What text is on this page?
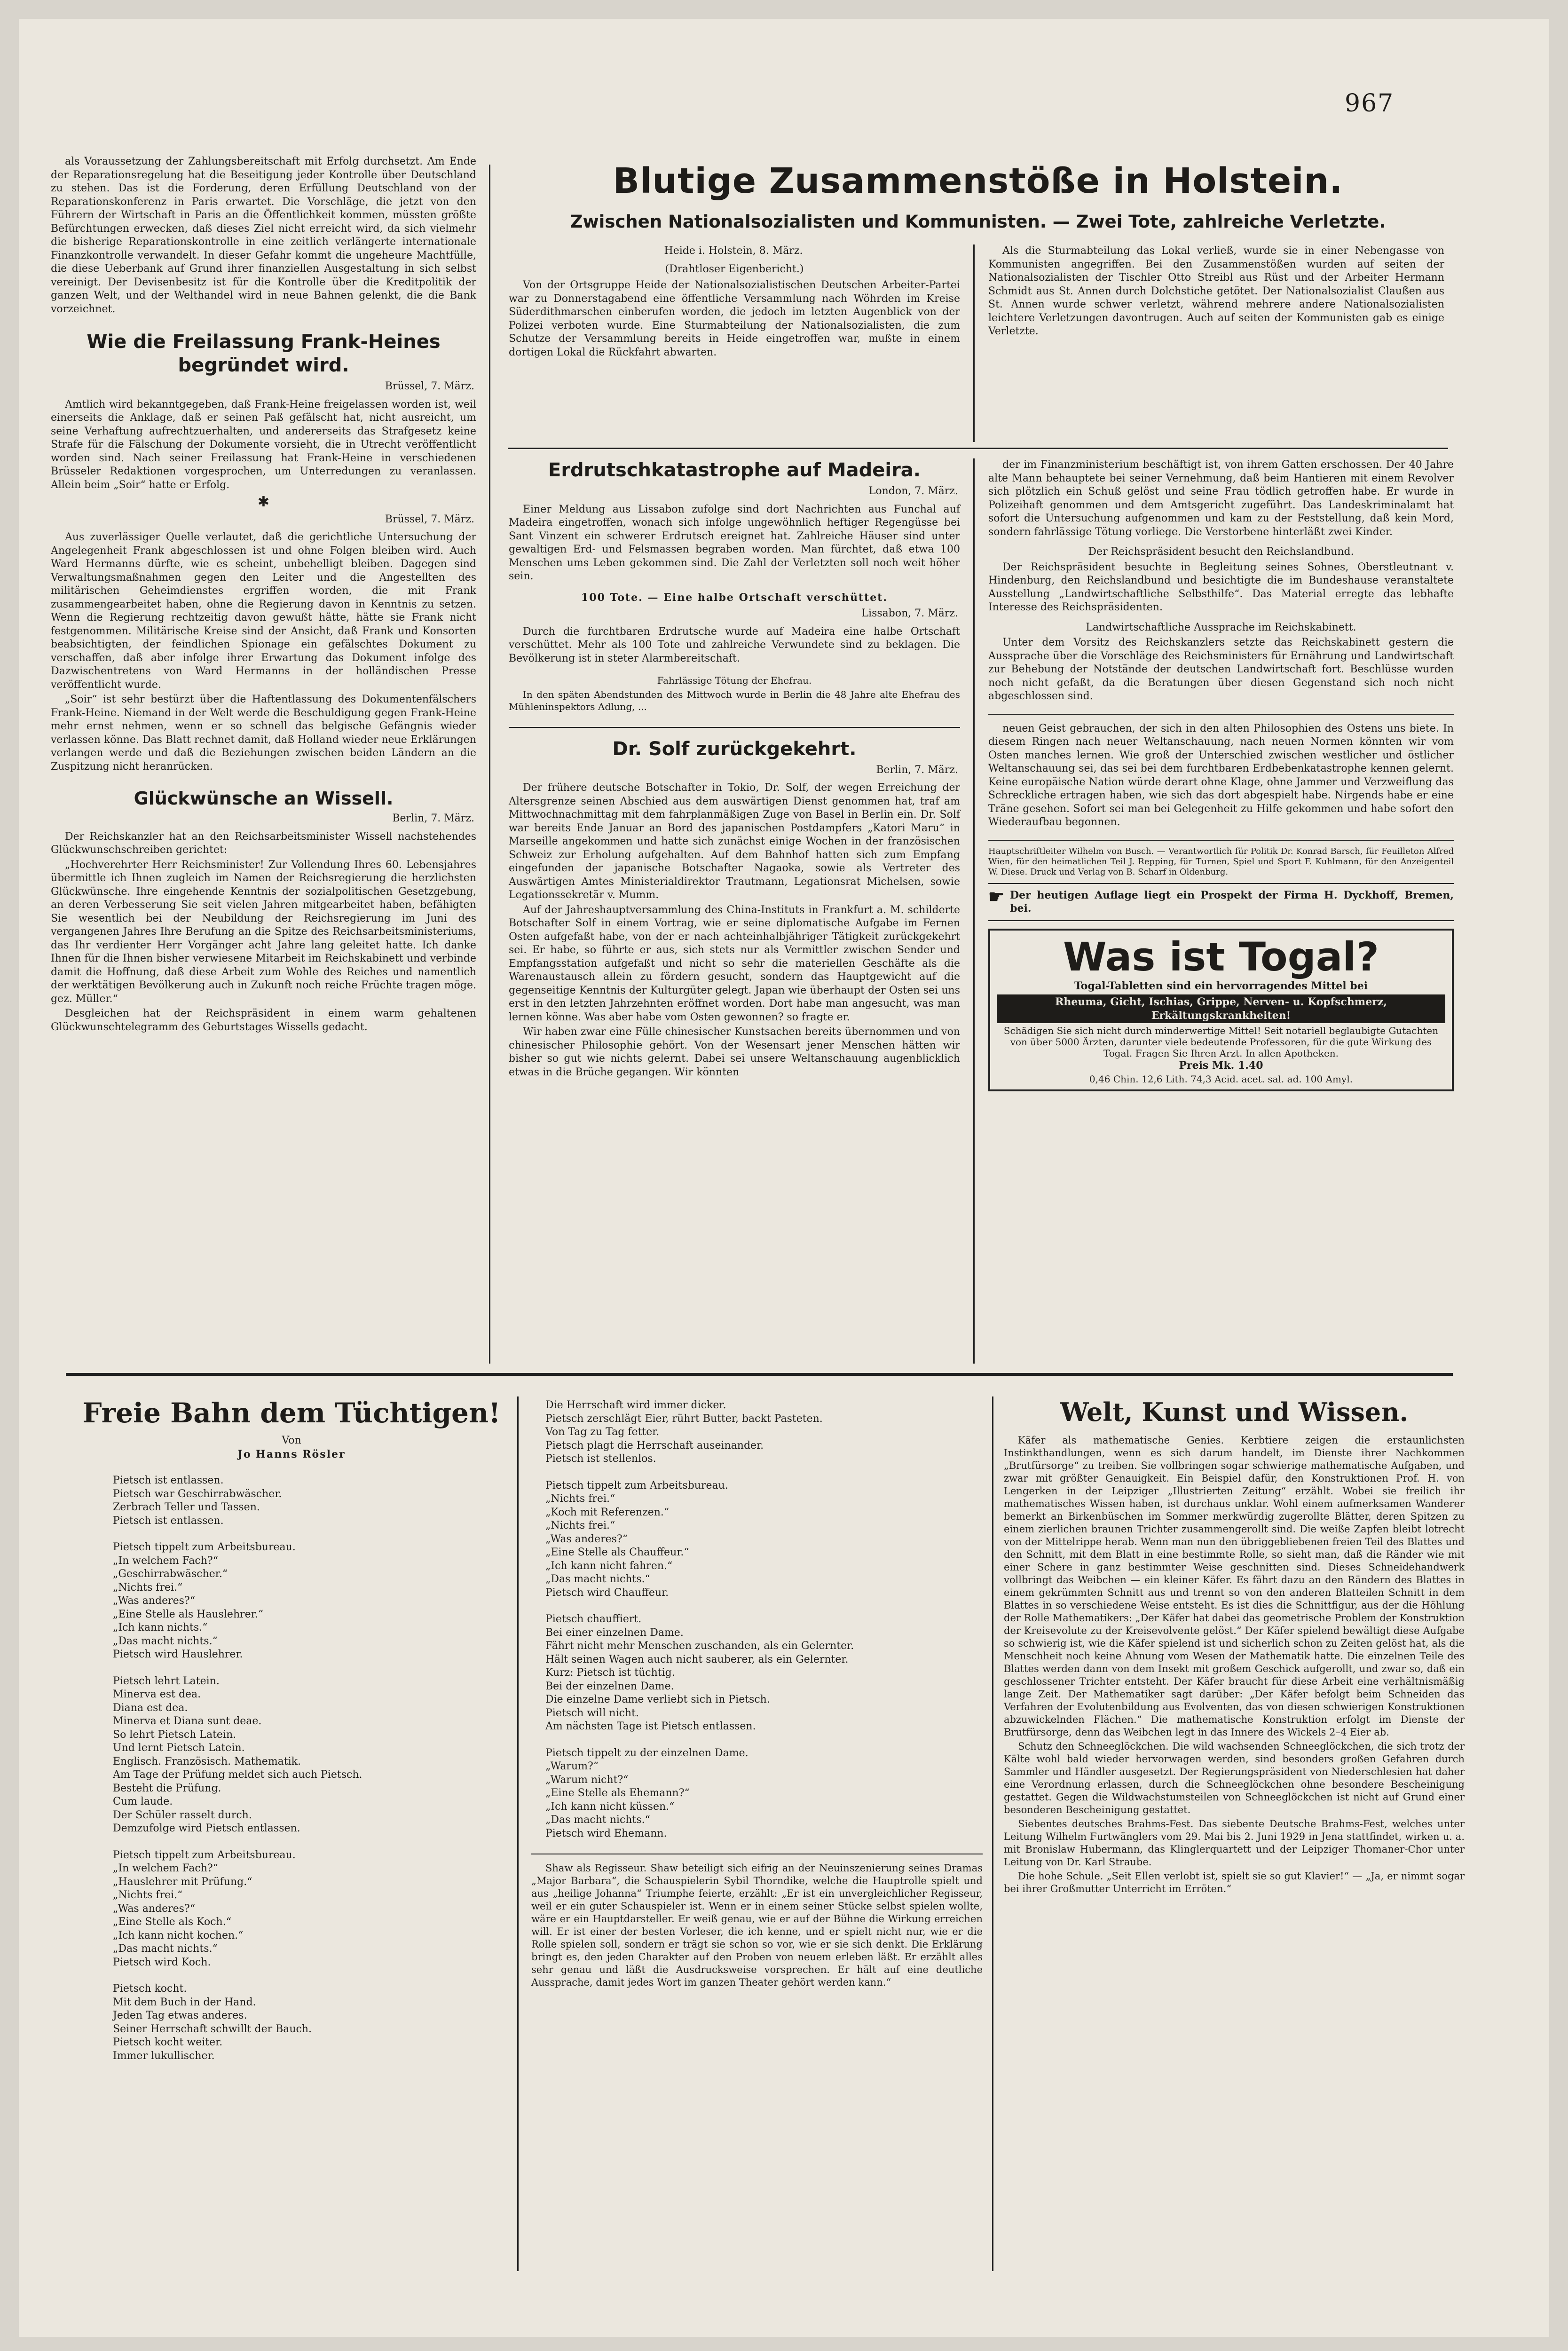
967

als Voraussetzung der Zahlungsbereitschaft mit Erfolg durchsetzt. Am Ende der Reparationsregelung hat die Beseitigung jeder Kontrolle über Deutschland zu stehen. Das ist die Forderung, deren Erfüllung Deutschland von der Reparationskonferenz in Paris erwartet. Die Vorschläge, die jetzt von den Führern der Wirtschaft in Paris an die Öffentlichkeit kommen, müssten größte Befürchtungen erwecken, daß dieses Ziel nicht erreicht wird, da sich vielmehr die bisherige Reparationskontrolle in eine zeitlich verlängerte internationale Finanzkontrolle verwandelt. In dieser Gefahr kommt die ungeheure Machtfülle, die diese Ueberbank auf Grund ihrer finanziellen Ausgestaltung in sich selbst vereinigt. Der Devisenbesitz ist für die Kontrolle über die Kreditpolitik der ganzen Welt, und der Welthandel wird in neue Bahnen gelenkt, die die Bank vorzeichnet.

Wie die Freilassung Frank-Heines begründet wird.
Brüssel, 7. März.

Amtlich wird bekanntgegeben, daß Frank-Heine freigelassen worden ist, weil einerseits die Anklage, daß er seinen Paß gefälscht hat, nicht ausreicht, um seine Verhaftung aufrechtzuerhalten, und andererseits das Strafgesetz keine Strafe für die Fälschung der Dokumente vorsieht, die in Utrecht veröffentlicht worden sind. Nach seiner Freilassung hat Frank-Heine in verschiedenen Brüsseler Redaktionen vorgesprochen, um Unterredungen zu veranlassen. Allein beim „Soir“ hatte er Erfolg.

✱
Brüssel, 7. März.

Aus zuverlässiger Quelle verlautet, daß die gerichtliche Untersuchung der Angelegenheit Frank abgeschlossen ist und ohne Folgen bleiben wird. Auch Ward Hermanns dürfte, wie es scheint, unbehelligt bleiben. Dagegen sind Verwaltungsmaßnahmen gegen den Leiter und die Angestellten des militärischen Geheimdienstes ergriffen worden, die mit Frank zusammengearbeitet haben, ohne die Regierung davon in Kenntnis zu setzen. Wenn die Regierung rechtzeitig davon gewußt hätte, hätte sie Frank nicht festgenommen. Militärische Kreise sind der Ansicht, daß Frank und Konsorten beabsichtigten, der feindlichen Spionage ein gefälschtes Dokument zu verschaffen, daß aber infolge ihrer Erwartung das Dokument infolge des Dazwischentretens von Ward Hermanns in der holländischen Presse veröffentlicht wurde.

„Soir“ ist sehr bestürzt über die Haftentlassung des Dokumentenfälschers Frank-Heine. Niemand in der Welt werde die Beschuldigung gegen Frank-Heine mehr ernst nehmen, wenn er so schnell das belgische Gefängnis wieder verlassen könne. Das Blatt rechnet damit, daß Holland wieder neue Erklärungen verlangen werde und daß die Beziehungen zwischen beiden Ländern an die Zuspitzung nicht heranrücken.

Glückwünsche an Wissell.
Berlin, 7. März.

Der Reichskanzler hat an den Reichsarbeitsminister Wissell nachstehendes Glückwunschschreiben gerichtet:

„Hochverehrter Herr Reichsminister! Zur Vollendung Ihres 60. Lebensjahres übermittle ich Ihnen zugleich im Namen der Reichsregierung die herzlichsten Glückwünsche. Ihre eingehende Kenntnis der sozialpolitischen Gesetzgebung, an deren Verbesserung Sie seit vielen Jahren mitgearbeitet haben, befähigten Sie wesentlich bei der Neubildung der Reichsregierung im Juni des vergangenen Jahres Ihre Berufung an die Spitze des Reichsarbeitsministeriums, das Ihr verdienter Herr Vorgänger acht Jahre lang geleitet hatte. Ich danke Ihnen für die Ihnen bisher verwiesene Mitarbeit im Reichskabinett und verbinde damit die Hoffnung, daß diese Arbeit zum Wohle des Reiches und namentlich der werktätigen Bevölkerung auch in Zukunft noch reiche Früchte tragen möge. gez. Müller.“

Desgleichen hat der Reichspräsident in einem warm gehaltenen Glückwunschtelegramm des Geburtstages Wissells gedacht.

Blutige Zusammenstöße in Holstein.
Zwischen Nationalsozialisten und Kommunisten. — Zwei Tote, zahlreiche Verletzte.
Heide i. Holstein, 8. März.
(Drahtloser Eigenbericht.)

Von der Ortsgruppe Heide der Nationalsozialistischen Deutschen Arbeiter-Partei war zu Donnerstagabend eine öffentliche Versammlung nach Wöhrden im Kreise Süderdithmarschen einberufen worden, die jedoch im letzten Augenblick von der Polizei verboten wurde. Eine Sturmabteilung der Nationalsozialisten, die zum Schutze der Versammlung bereits in Heide eingetroffen war, mußte in einem dortigen Lokal die Rückfahrt abwarten.

Als die Sturmabteilung das Lokal verließ, wurde sie in einer Nebengasse von Kommunisten angegriffen. Bei den Zusammenstößen wurden auf seiten der Nationalsozialisten der Tischler Otto Streibl aus Rüst und der Arbeiter Hermann Schmidt aus St. Annen durch Dolchstiche getötet. Der Nationalsozialist Claußen aus St. Annen wurde schwer verletzt, während mehrere andere Nationalsozialisten leichtere Verletzungen davontrugen. Auch auf seiten der Kommunisten gab es einige Verletzte.

Erdrutschkatastrophe auf Madeira.
London, 7. März.

Einer Meldung aus Lissabon zufolge sind dort Nachrichten aus Funchal auf Madeira eingetroffen, wonach sich infolge ungewöhnlich heftiger Regengüsse bei Sant Vinzent ein schwerer Erdrutsch ereignet hat. Zahlreiche Häuser sind unter gewaltigen Erd- und Felsmassen begraben worden. Man fürchtet, daß etwa 100 Menschen ums Leben gekommen sind. Die Zahl der Verletzten soll noch weit höher sein.

100 Tote. — Eine halbe Ortschaft verschüttet.
Lissabon, 7. März.

Durch die furchtbaren Erdrutsche wurde auf Madeira eine halbe Ortschaft verschüttet. Mehr als 100 Tote und zahlreiche Verwundete sind zu beklagen. Die Bevölkerung ist in steter Alarmbereitschaft.

Fahrlässige Tötung der Ehefrau.

In den späten Abendstunden des Mittwoch wurde in Berlin die 48 Jahre alte Ehefrau des Mühleninspektors Adlung, ...

Dr. Solf zurückgekehrt.
Berlin, 7. März.

Der frühere deutsche Botschafter in Tokio, Dr. Solf, der wegen Erreichung der Altersgrenze seinen Abschied aus dem auswärtigen Dienst genommen hat, traf am Mittwochnachmittag mit dem fahrplanmäßigen Zuge von Basel in Berlin ein. Dr. Solf war bereits Ende Januar an Bord des japanischen Postdampfers „Katori Maru“ in Marseille angekommen und hatte sich zunächst einige Wochen in der französischen Schweiz zur Erholung aufgehalten. Auf dem Bahnhof hatten sich zum Empfang eingefunden der japanische Botschafter Nagaoka, sowie als Vertreter des Auswärtigen Amtes Ministerialdirektor Trautmann, Legationsrat Michelsen, sowie Legationssekretär v. Mumm.

Auf der Jahreshauptversammlung des China-Instituts in Frankfurt a. M. schilderte Botschafter Solf in einem Vortrag, wie er seine diplomatische Aufgabe im Fernen Osten aufgefaßt habe, von der er nach achteinhalbjähriger Tätigkeit zurückgekehrt sei. Er habe, so führte er aus, sich stets nur als Vermittler zwischen Sender und Empfangsstation aufgefaßt und nicht so sehr die materiellen Geschäfte als die Warenaustausch allein zu fördern gesucht, sondern das Hauptgewicht auf die gegenseitige Kenntnis der Kulturgüter gelegt. Japan wie überhaupt der Osten sei uns erst in den letzten Jahrzehnten eröffnet worden. Dort habe man angesucht, was man lernen könne. Was aber habe vom Osten gewonnen? so fragte er.

Wir haben zwar eine Fülle chinesischer Kunstsachen bereits übernommen und von chinesischer Philosophie gehört. Von der Wesensart jener Menschen hätten wir bisher so gut wie nichts gelernt. Dabei sei unsere Weltanschauung augenblicklich etwas in die Brüche gegangen. Wir könnten

der im Finanzministerium beschäftigt ist, von ihrem Gatten erschossen. Der 40 Jahre alte Mann behauptete bei seiner Vernehmung, daß beim Hantieren mit einem Revolver sich plötzlich ein Schuß gelöst und seine Frau tödlich getroffen habe. Er wurde in Polizeihaft genommen und dem Amtsgericht zugeführt. Das Landeskriminalamt hat sofort die Untersuchung aufgenommen und kam zu der Feststellung, daß kein Mord, sondern fahrlässige Tötung vorliege. Die Verstorbene hinterläßt zwei Kinder.

Der Reichspräsident besucht den Reichslandbund.

Der Reichspräsident besuchte in Begleitung seines Sohnes, Oberstleutnant v. Hindenburg, den Reichslandbund und besichtigte die im Bundeshause veranstaltete Ausstellung „Landwirtschaftliche Selbsthilfe“. Das Material erregte das lebhafte Interesse des Reichspräsidenten.

Landwirtschaftliche Aussprache im Reichskabinett.

Unter dem Vorsitz des Reichskanzlers setzte das Reichskabinett gestern die Aussprache über die Vorschläge des Reichsministers für Ernährung und Landwirtschaft zur Behebung der Notstände der deutschen Landwirtschaft fort. Beschlüsse wurden noch nicht gefaßt, da die Beratungen über diesen Gegenstand sich noch nicht abgeschlossen sind.

neuen Geist gebrauchen, der sich in den alten Philosophien des Ostens uns biete. In diesem Ringen nach neuer Weltanschauung, nach neuen Normen könnten wir vom Osten manches lernen. Wie groß der Unterschied zwischen westlicher und östlicher Weltanschauung sei, das sei bei dem furchtbaren Erdbebenkatastrophe kennen gelernt. Keine europäische Nation würde derart ohne Klage, ohne Jammer und Verzweiflung das Schreckliche ertragen haben, wie sich das dort abgespielt habe. Nirgends habe er eine Träne gesehen. Sofort sei man bei Gelegenheit zu Hilfe gekommen und habe sofort den Wiederaufbau begonnen.

Hauptschriftleiter Wilhelm von Busch. — Verantwortlich für Politik Dr. Konrad Barsch, für Feuilleton Alfred Wien, für den heimatlichen Teil J. Repping, für Turnen, Spiel und Sport F. Kuhlmann, für den Anzeigenteil W. Diese. Druck und Verlag von B. Scharf in Oldenburg.

☛ Der heutigen Auflage liegt ein Prospekt der Firma H. Dyckhoff, Bremen, bei.
Was ist Togal?
Togal-Tabletten sind ein hervorragendes Mittel bei
Rheuma, Gicht, Ischias, Grippe, Nerven- u. Kopfschmerz, Erkältungskrankheiten!
Schädigen Sie sich nicht durch minderwertige Mittel! Seit notariell beglaubigte Gutachten von über 5000 Ärzten, darunter viele bedeutende Professoren, für die gute Wirkung des Togal. Fragen Sie Ihren Arzt. In allen Apotheken.
Preis Mk. 1.40
0,46 Chin. 12,6 Lith. 74,3 Acid. acet. sal. ad. 100 Amyl.
Freie Bahn dem Tüchtigen!
Von
Jo Hanns Rösler

Pietsch ist entlassen.
Pietsch war Geschirrabwäscher.
Zerbrach Teller und Tassen.
Pietsch ist entlassen.

Pietsch tippelt zum Arbeitsbureau.
„In welchem Fach?“
„Geschirrabwäscher.“
„Nichts frei.“
„Was anderes?“
„Eine Stelle als Hauslehrer.“
„Ich kann nichts.“
„Das macht nichts.“
Pietsch wird Hauslehrer.

Pietsch lehrt Latein.
Minerva est dea.
Diana est dea.
Minerva et Diana sunt deae.
So lehrt Pietsch Latein.
Und lernt Pietsch Latein.
Englisch. Französisch. Mathematik.
Am Tage der Prüfung meldet sich auch Pietsch.
Besteht die Prüfung.
Cum laude.
Der Schüler rasselt durch.
Demzufolge wird Pietsch entlassen.

Pietsch tippelt zum Arbeitsbureau.
„In welchem Fach?“
„Hauslehrer mit Prüfung.“
„Nichts frei.“
„Was anderes?“
„Eine Stelle als Koch.“
„Ich kann nicht kochen.“
„Das macht nichts.“
Pietsch wird Koch.

Pietsch kocht.
Mit dem Buch in der Hand.
Jeden Tag etwas anderes.
Seiner Herrschaft schwillt der Bauch.
Pietsch kocht weiter.
Immer lukullischer.

Die Herrschaft wird immer dicker.
Pietsch zerschlägt Eier, rührt Butter, backt Pasteten.
Von Tag zu Tag fetter.
Pietsch plagt die Herrschaft auseinander.
Pietsch ist stellenlos.

Pietsch tippelt zum Arbeitsbureau.
„Nichts frei.“
„Koch mit Referenzen.“
„Nichts frei.“
„Was anderes?“
„Eine Stelle als Chauffeur.“
„Ich kann nicht fahren.“
„Das macht nichts.“
Pietsch wird Chauffeur.

Pietsch chauffiert.
Bei einer einzelnen Dame.
Fährt nicht mehr Menschen zuschanden, als ein Gelernter.
Hält seinen Wagen auch nicht sauberer, als ein Gelernter.
Kurz: Pietsch ist tüchtig.
Bei der einzelnen Dame.
Die einzelne Dame verliebt sich in Pietsch.
Pietsch will nicht.
Am nächsten Tage ist Pietsch entlassen.

Pietsch tippelt zu der einzelnen Dame.
„Warum?“
„Warum nicht?“
„Eine Stelle als Ehemann?“
„Ich kann nicht küssen.“
„Das macht nichts.“
Pietsch wird Ehemann.

Shaw als Regisseur. Shaw beteiligt sich eifrig an der Neuinszenierung seines Dramas „Major Barbara“, die Schauspielerin Sybil Thorndike, welche die Hauptrolle spielt und aus „heilige Johanna“ Triumphe feierte, erzählt: „Er ist ein unvergleichlicher Regisseur, weil er ein guter Schauspieler ist. Wenn er in einem seiner Stücke selbst spielen wollte, wäre er ein Hauptdarsteller. Er weiß genau, wie er auf der Bühne die Wirkung erreichen will. Er ist einer der besten Vorleser, die ich kenne, und er spielt nicht nur, wie er die Rolle spielen soll, sondern er trägt sie schon so vor, wie er sie sich denkt. Die Erklärung bringt es, den jeden Charakter auf den Proben von neuem erleben läßt. Er erzählt alles sehr genau und läßt die Ausdrucksweise vorsprechen. Er hält auf eine deutliche Aussprache, damit jedes Wort im ganzen Theater gehört werden kann.“

Welt, Kunst und Wissen.

Käfer als mathematische Genies. Kerbtiere zeigen die erstaunlichsten Instinkthandlungen, wenn es sich darum handelt, im Dienste ihrer Nachkommen „Brutfürsorge“ zu treiben. Sie vollbringen sogar schwierige mathematische Aufgaben, und zwar mit größter Genauigkeit. Ein Beispiel dafür, den Konstruktionen Prof. H. von Lengerken in der Leipziger „Illustrierten Zeitung“ erzählt. Wobei sie freilich ihr mathematisches Wissen haben, ist durchaus unklar. Wohl einem aufmerksamen Wanderer bemerkt an Birkenbüschen im Sommer merkwürdig zugerollte Blätter, deren Spitzen zu einem zierlichen braunen Trichter zusammengerollt sind. Die weiße Zapfen bleibt lotrecht von der Mittelrippe herab. Wenn man nun den übriggebliebenen freien Teil des Blattes und den Schnitt, mit dem Blatt in eine bestimmte Rolle, so sieht man, daß die Ränder wie mit einer Schere in ganz bestimmter Weise geschnitten sind. Dieses Schneidehandwerk vollbringt das Weibchen — ein kleiner Käfer. Es fährt dazu an den Rändern des Blattes in einem gekrümmten Schnitt aus und trennt so von den anderen Blatteilen Schnitt in dem Blattes in so verschiedene Weise entsteht. Es ist dies die Schnittfigur, aus der die Höhlung der Rolle Mathematikers: „Der Käfer hat dabei das geometrische Problem der Konstruktion der Kreisevolute zu der Kreisevolvente gelöst.“ Der Käfer spielend bewältigt diese Aufgabe so schwierig ist, wie die Käfer spielend ist und sicherlich schon zu Zeiten gelöst hat, als die Menschheit noch keine Ahnung vom Wesen der Mathematik hatte. Die einzelnen Teile des Blattes werden dann von dem Insekt mit großem Geschick aufgerollt, und zwar so, daß ein geschlossener Trichter entsteht. Der Käfer braucht für diese Arbeit eine verhältnismäßig lange Zeit. Der Mathematiker sagt darüber: „Der Käfer befolgt beim Schneiden das Verfahren der Evolutenbildung aus Evolventen, das von diesen schwierigen Konstruktionen abzuwickelnden Flächen.“ Die mathematische Konstruktion erfolgt im Dienste der Brutfürsorge, denn das Weibchen legt in das Innere des Wickels 2–4 Eier ab.

Schutz den Schneeglöckchen. Die wild wachsenden Schneeglöckchen, die sich trotz der Kälte wohl bald wieder hervorwagen werden, sind besonders großen Gefahren durch Sammler und Händler ausgesetzt. Der Regierungspräsident von Niederschlesien hat daher eine Verordnung erlassen, durch die Schneeglöckchen ohne besondere Bescheinigung gestattet. Gegen die Wildwachstumsteilen von Schneeglöckchen ist nicht auf Grund einer besonderen Bescheinigung gestattet.

Siebentes deutsches Brahms-Fest. Das siebente Deutsche Brahms-Fest, welches unter Leitung Wilhelm Furtwänglers vom 29. Mai bis 2. Juni 1929 in Jena stattfindet, wirken u. a. mit Bronislaw Hubermann, das Klinglerquartett und der Leipziger Thomaner-Chor unter Leitung von Dr. Karl Straube.

Die hohe Schule. „Seit Ellen verlobt ist, spielt sie so gut Klavier!“ — „Ja, er nimmt sogar bei ihrer Großmutter Unterricht im Erröten.“
